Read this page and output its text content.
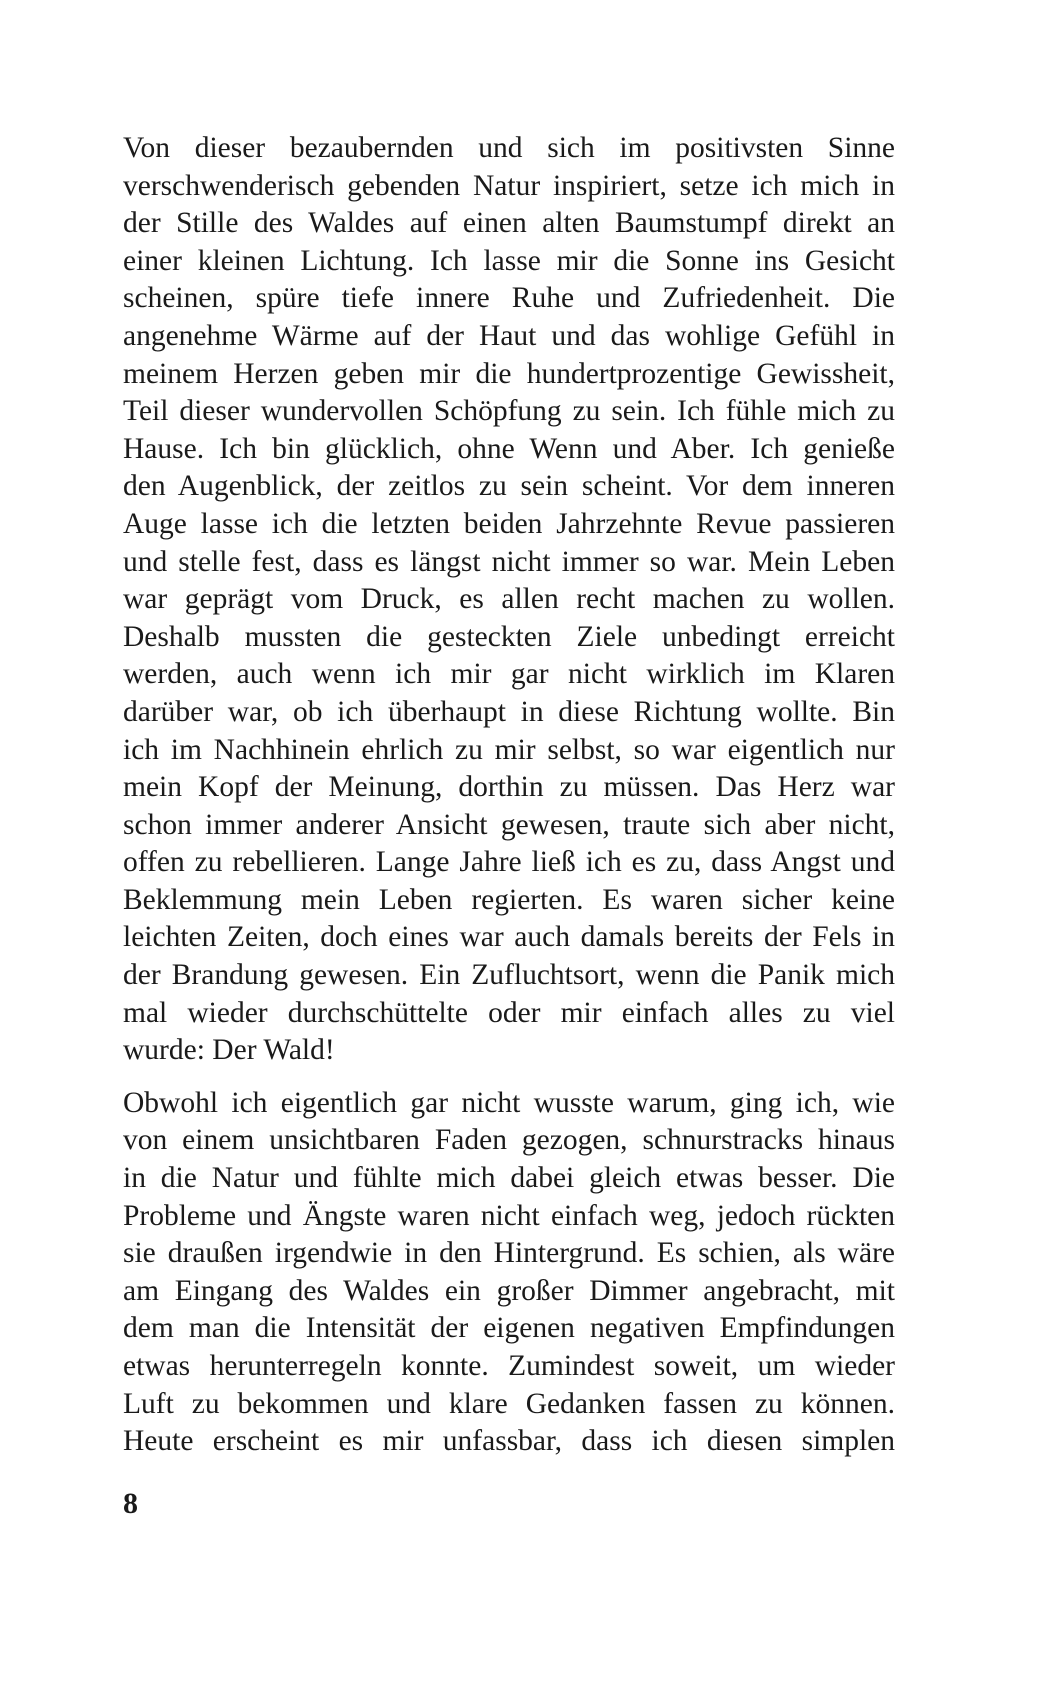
Von dieser bezaubernden und sich im positivsten Sinne
verschwenderisch gebenden Natur inspiriert, setze ich mich in
der Stille des Waldes auf einen alten Baumstumpf direkt an
einer kleinen Lichtung. Ich lasse mir die Sonne ins Gesicht
scheinen, spüre tiefe innere Ruhe und Zufriedenheit. Die
angenehme Wärme auf der Haut und das wohlige Gefühl in
meinem Herzen geben mir die hundertprozentige Gewissheit,
Teil dieser wundervollen Schöpfung zu sein. Ich fühle mich zu
Hause. Ich bin glücklich, ohne Wenn und Aber. Ich genieße
den Augenblick, der zeitlos zu sein scheint. Vor dem inneren
Auge lasse ich die letzten beiden Jahrzehnte Revue passieren
und stelle fest, dass es längst nicht immer so war. Mein Leben
war geprägt vom Druck, es allen recht machen zu wollen.
Deshalb mussten die gesteckten Ziele unbedingt erreicht
werden, auch wenn ich mir gar nicht wirklich im Klaren
darüber war, ob ich überhaupt in diese Richtung wollte. Bin
ich im Nachhinein ehrlich zu mir selbst, so war eigentlich nur
mein Kopf der Meinung, dorthin zu müssen. Das Herz war
schon immer anderer Ansicht gewesen, traute sich aber nicht,
offen zu rebellieren. Lange Jahre ließ ich es zu, dass Angst und
Beklemmung mein Leben regierten. Es waren sicher keine
leichten Zeiten, doch eines war auch damals bereits der Fels in
der Brandung gewesen. Ein Zufluchtsort, wenn die Panik mich
mal wieder durchschüttelte oder mir einfach alles zu viel
wurde: Der Wald!
Obwohl ich eigentlich gar nicht wusste warum, ging ich, wie
von einem unsichtbaren Faden gezogen, schnurstracks hinaus
in die Natur und fühlte mich dabei gleich etwas besser. Die
Probleme und Ängste waren nicht einfach weg, jedoch rückten
sie draußen irgendwie in den Hintergrund. Es schien, als wäre
am Eingang des Waldes ein großer Dimmer angebracht, mit
dem man die Intensität der eigenen negativen Empfindungen
etwas herunterregeln konnte. Zumindest soweit, um wieder
Luft zu bekommen und klare Gedanken fassen zu können.
Heute erscheint es mir unfassbar, dass ich diesen simplen
8
